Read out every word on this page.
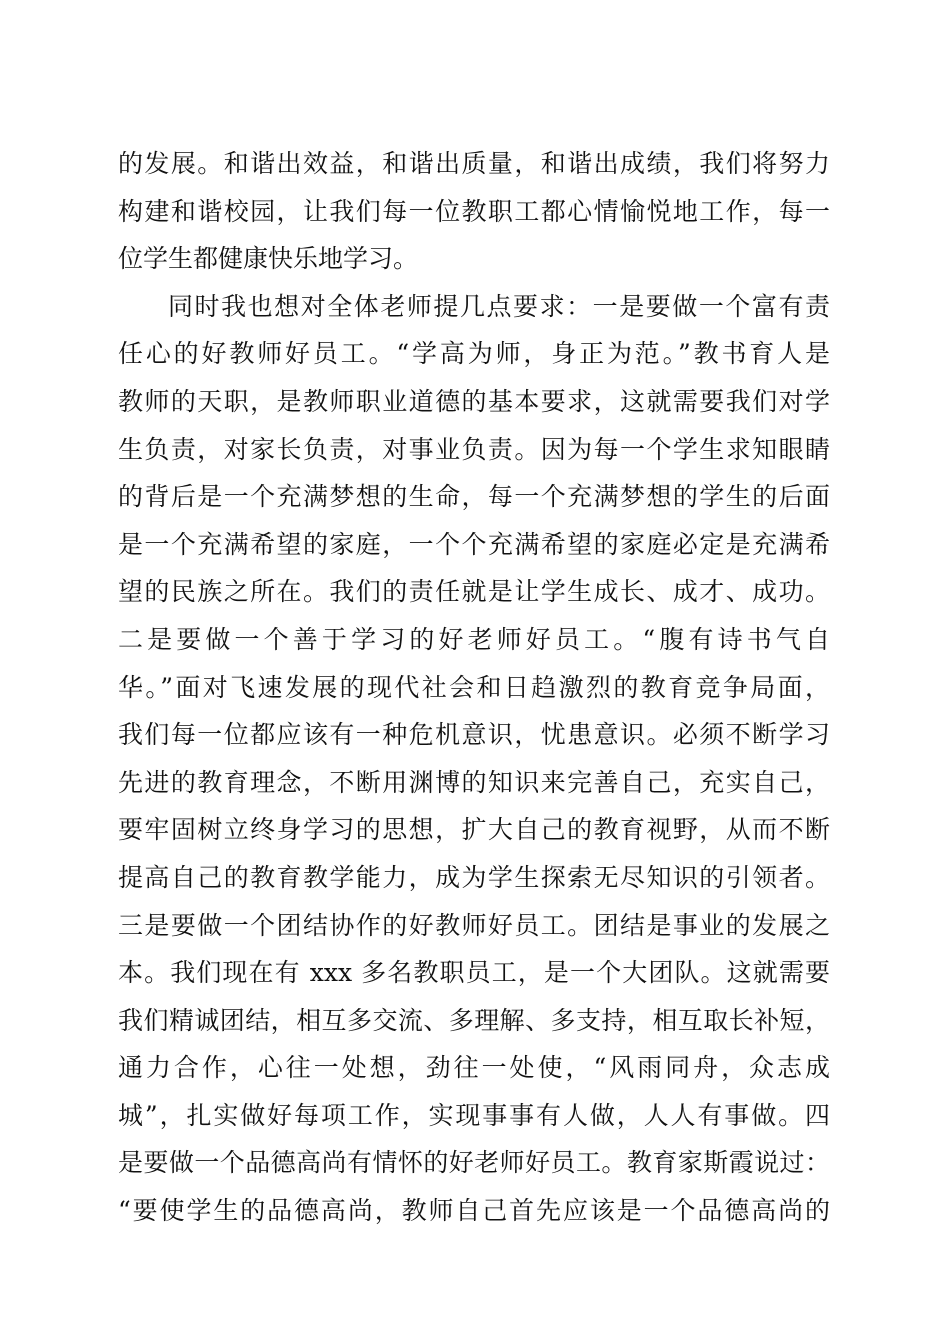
的发展。和谐出效益，和谐出质量，和谐出成绩，我们将努力
构建和谐校园，让我们每一位教职工都心情愉悦地工作，每一
位学生都健康快乐地学习。
同时我也想对全体老师提几点要求：一是要做一个富有责
任心的好教师好员工。“学高为师，身正为范。”教书育人是
教师的天职，是教师职业道德的基本要求，这就需要我们对学
生负责，对家长负责，对事业负责。因为每一个学生求知眼睛
的背后是一个充满梦想的生命，每一个充满梦想的学生的后面
是一个充满希望的家庭，一个个充满希望的家庭必定是充满希
望的民族之所在。我们的责任就是让学生成长、成才、成功。
二是要做一个善于学习的好老师好员工。“腹有诗书气自
华。”面对飞速发展的现代社会和日趋激烈的教育竞争局面，
我们每一位都应该有一种危机意识，忧患意识。必须不断学习
先进的教育理念，不断用渊博的知识来完善自己，充实自己，
要牢固树立终身学习的思想，扩大自己的教育视野，从而不断
提高自己的教育教学能力，成为学生探索无尽知识的引领者。
三是要做一个团结协作的好教师好员工。团结是事业的发展之
本。我们现在有 xxx 多名教职员工，是一个大团队。这就需要
我们精诚团结，相互多交流、多理解、多支持，相互取长补短，
通力合作，心往一处想，劲往一处使，“风雨同舟，众志成
城”，扎实做好每项工作，实现事事有人做，人人有事做。四
是要做一个品德高尚有情怀的好老师好员工。教育家斯霞说过：
“要使学生的品德高尚，教师自己首先应该是一个品德高尚的
